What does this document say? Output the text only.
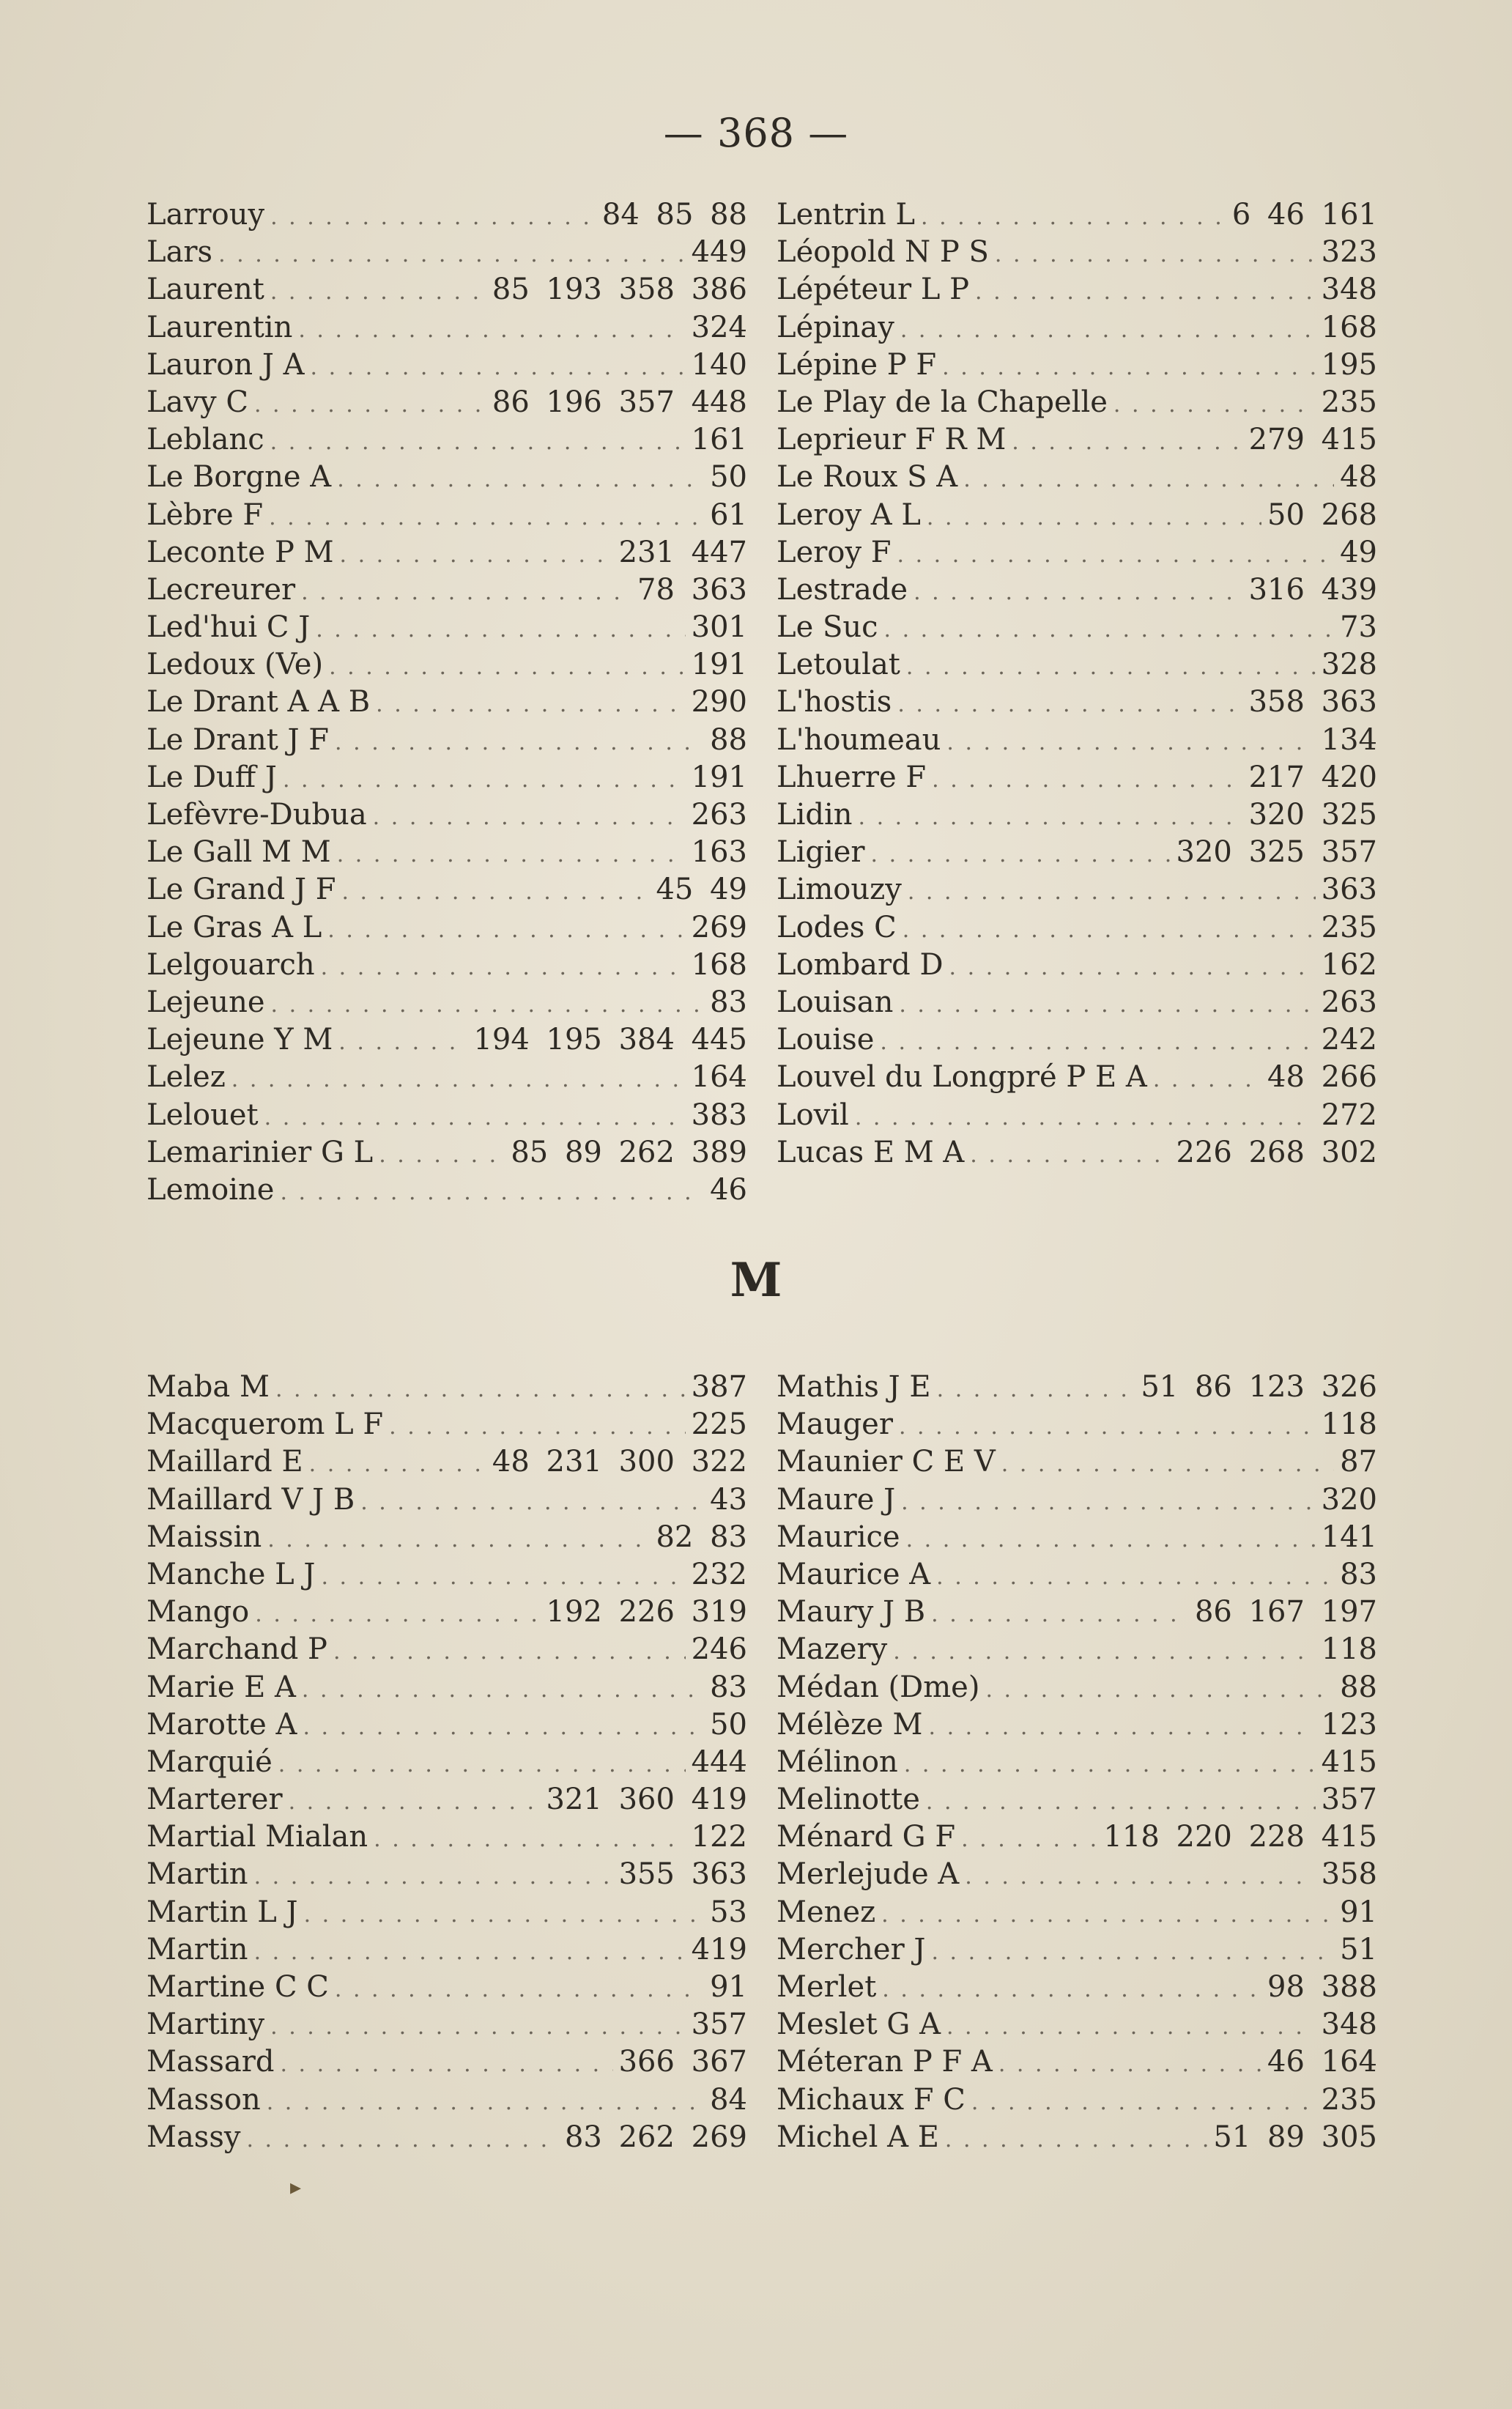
— 368 —
Larrouy . . .	84 85 88
Lars . . .	449
Laurent . . .	85 193 358 386
Laurentin . . .	324
Lauron J A . . .	140
Lavy C . . .	86 196 357 448
Leblanc . . .	161
Le Borgne A . . .	50
Lèbre F . . .	61
Leconte P M . . .	231 447
Lecreurer . . .	78 363
Led'hui C J . . .	301
Ledoux (Ve) . . .	191
Le Drant A A B . . .	290
Le Drant J F . . .	88
Le Duff J . . .	191
Lefèvre-Dubua . . .	263
Le Gall M M . . .	163
Le Grand J F . . .	45 49
Le Gras A L . . .	269
Lelgouarch . . .	168
Lejeune . . .	83
Lejeune Y M . . .	194 195 384 445
Lelez . . .	164
Lelouet . . .	383
Lemarinier G L . . .	85 89 262 389
Lemoine . . .	46
Lentrin L . . .	6 46 161
Léopold N P S . . .	323
Lépéteur L P . . .	348
Lépinay . . .	168
Lépine P F . . .	195
Le Play de la Chapelle . . .	235
Leprieur F R M . . .	279 415
Le Roux S A . . .	48
Leroy A L . . .	50 268
Leroy F . . .	49
Lestrade . . .	316 439
Le Suc . . .	73
Letoulat . . .	328
L'hostis . . .	358 363
L'houmeau . . .	134
Lhuerre F . . .	217 420
Lidin . . .	320 325
Ligier . . .	320 325 357
Limouzy . . .	363
Lodes C . . .	235
Lombard D . . .	162
Louisan . . .	263
Louise . . .	242
Louvel du Longpré P E A . . .	48 266
Lovil . . .	272
Lucas E M A . . .	226 268 302
M
Maba M . . .	387
Macquerom L F . . .	225
Maillard E . . .	48 231 300 322
Maillard V J B . . .	43
Maissin . . .	82 83
Manche L J . . .	232
Mango . . .	192 226 319
Marchand P . . .	246
Marie E A . . .	83
Marotte A . . .	50
Marquié . . .	444
Marterer . . .	321 360 419
Martial Mialan . . .	122
Martin . . .	355 363
Martin L J . . .	53
Martin . . .	419
Martine C C . . .	91
Martiny . . .	357
Massard . . .	366 367
Masson . . .	84
Massy . . .	83 262 269
Mathis J E . . .	51 86 123 326
Mauger . . .	118
Maunier C E V . . .	87
Maure J . . .	320
Maurice . . .	141
Maurice A . . .	83
Maury J B . . .	86 167 197
Mazery . . .	118
Médan (Dme) . . .	88
Mélèze M . . .	123
Mélinon . . .	415
Melinotte . . .	357
Ménard G F . . .	118 220 228 415
Merlejude A . . .	358
Menez . . .	91
Mercher J . . .	51
Merlet . . .	98 388
Meslet G A . . .	348
Méteran P F A . . .	46 164
Michaux F C . . .	235
Michel A E . . .	51 89 305
▸
